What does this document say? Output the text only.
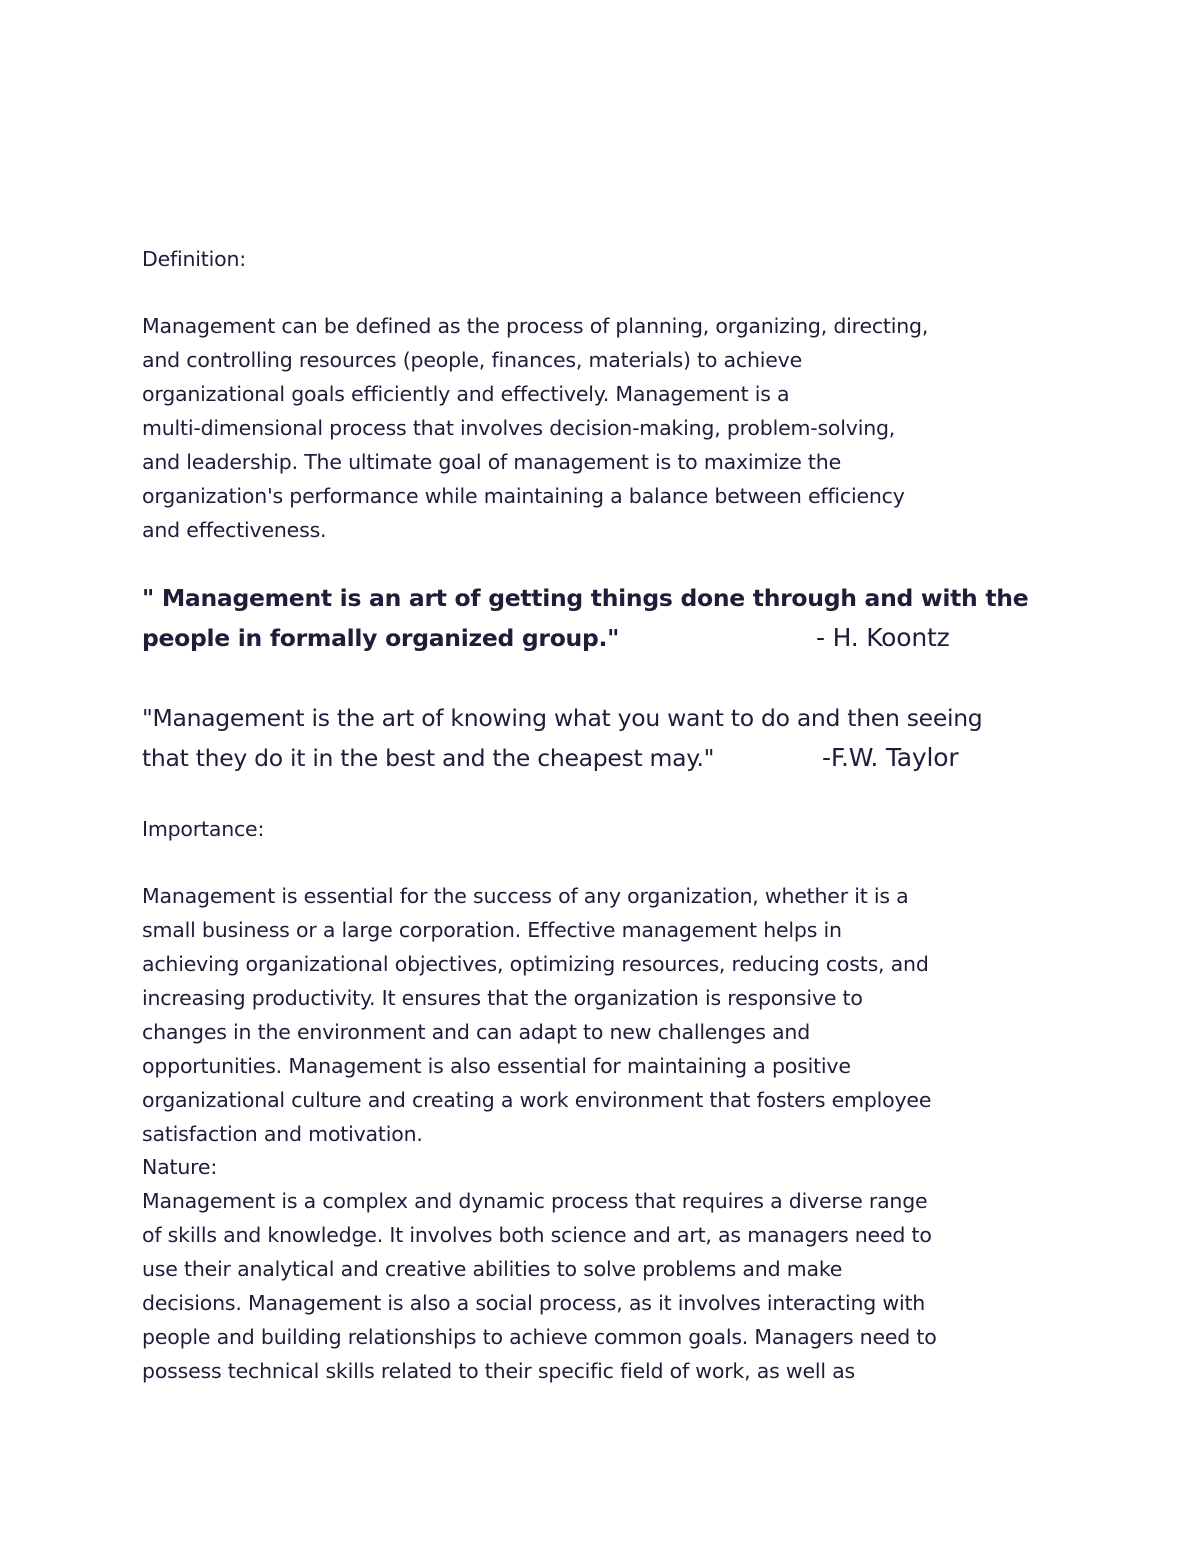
Definition:
Management can be defined as the process of planning, organizing, directing,
and controlling resources (people, finances, materials) to achieve
organizational goals efficiently and effectively. Management is a
multi-dimensional process that involves decision-making, problem-solving,
and leadership. The ultimate goal of management is to maximize the
organization's performance while maintaining a balance between efficiency
and effectiveness.
" Management is an art of getting things done through and with the
people in formally organized group."	- H. Koontz
"Management is the art of knowing what you want to do and then seeing
that they do it in the best and the cheapest may."	-F.W. Taylor
Importance:
Management is essential for the success of any organization, whether it is a
small business or a large corporation. Effective management helps in
achieving organizational objectives, optimizing resources, reducing costs, and
increasing productivity. It ensures that the organization is responsive to
changes in the environment and can adapt to new challenges and
opportunities. Management is also essential for maintaining a positive
organizational culture and creating a work environment that fosters employee
satisfaction and motivation.
Nature:
Management is a complex and dynamic process that requires a diverse range
of skills and knowledge. It involves both science and art, as managers need to
use their analytical and creative abilities to solve problems and make
decisions. Management is also a social process, as it involves interacting with
people and building relationships to achieve common goals. Managers need to
possess technical skills related to their specific field of work, as well as
